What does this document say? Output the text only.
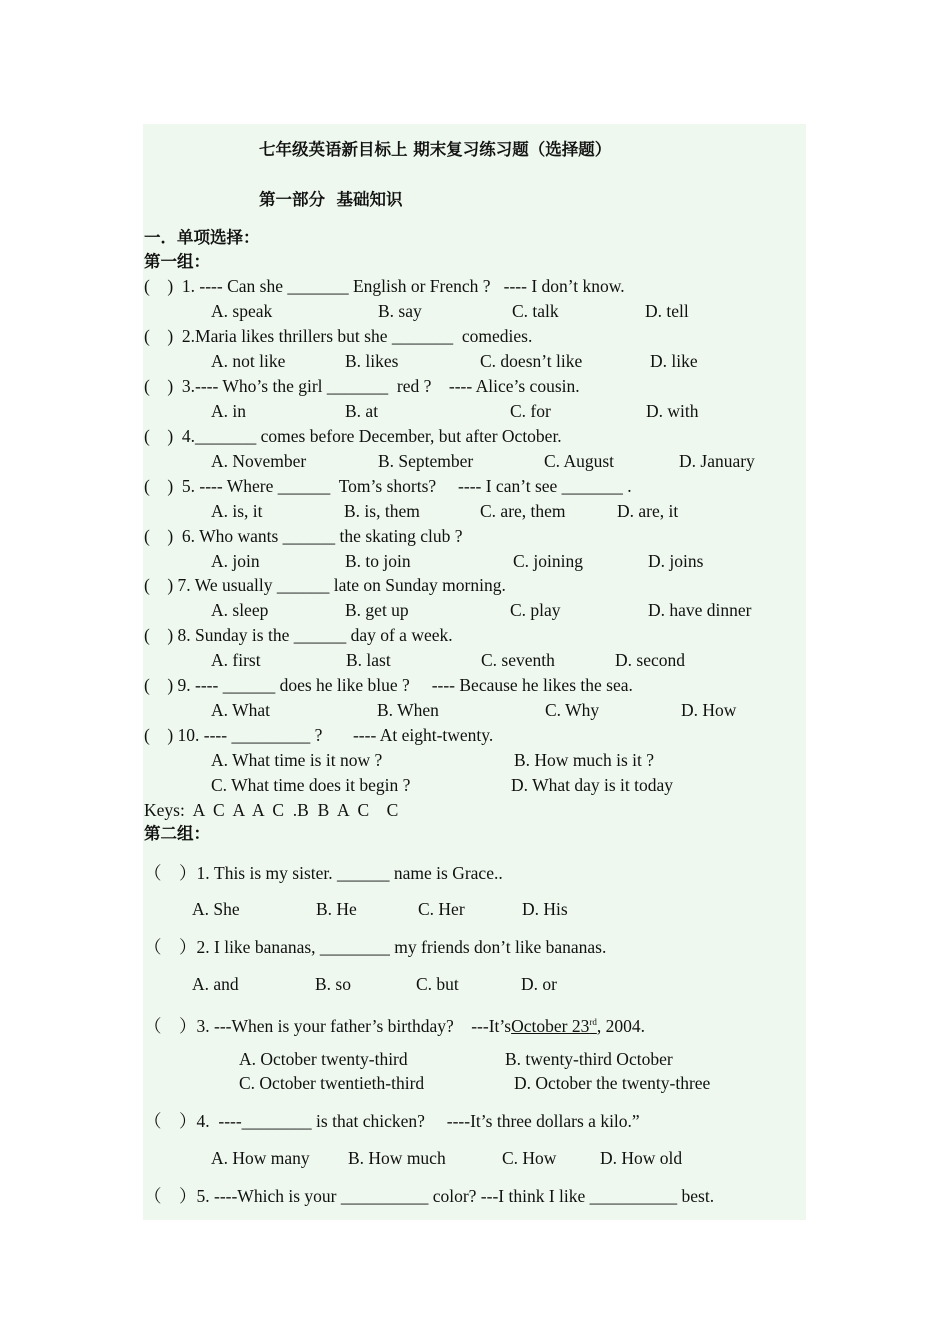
七年级英语新目标上 期末复习练习题（选择题）
第一部分  基础知识
一．单项选择：
第一组：
(    )  1. ---- Can she _______ English or French ?   ---- I don’t know.
A. speak	B. say	C. talk	D. tell
(    )  2.Maria likes thrillers but she _______  comedies.
A. not like	B. likes	C. doesn’t like	D. like
(    )  3.---- Who’s the girl _______  red ?    ---- Alice’s cousin.
A. in	B. at	C. for	D. with
(    )  4._______ comes before December, but after October.
A. November	B. September	C. August	D. January
(    )  5. ---- Where ______  Tom’s shorts?     ---- I can’t see _______ .
A. is, it	B. is, them	C. are, them	D. are, it
(    )  6. Who wants ______ the skating club ?
A. join	B. to join	C. joining	D. joins
(    ) 7. We usually ______ late on Sunday morning.
A. sleep	B. get up	C. play	D. have dinner
(    ) 8. Sunday is the ______ day of a week.
A. first	B. last	C. seventh	D. second
(    ) 9. ---- ______ does he like blue ?     ---- Because he likes the sea.
A. What	B. When	C. Why	D. How
(    ) 10. ---- _________ ?       ---- At eight-twenty.
A. What time is it now ?	B. How much is it ?
C. What time does it begin ?	D. What day is it today
Keys:  A  C  A  A  C  .B  B  A  C    C
第二组：
（    ）1. This is my sister. ______ name is Grace..
A. She	B. He	C. Her	D. His
（    ）2. I like bananas, ________ my friends don’t like bananas.
A. and	B. so	C. but	D. or
（    ）3. ---When is your father’s birthday?    ---It’sOctober 23rd, 2004.
A. October twenty-third	B. twenty-third October
C. October twentieth-third	D. October the twenty-three
（    ）4.  ----________ is that chicken?     ----It’s three dollars a kilo.”
A. How many B. How much	C. How D. How old
（    ）5. ----Which is your __________ color? ---I think I like __________ best.
